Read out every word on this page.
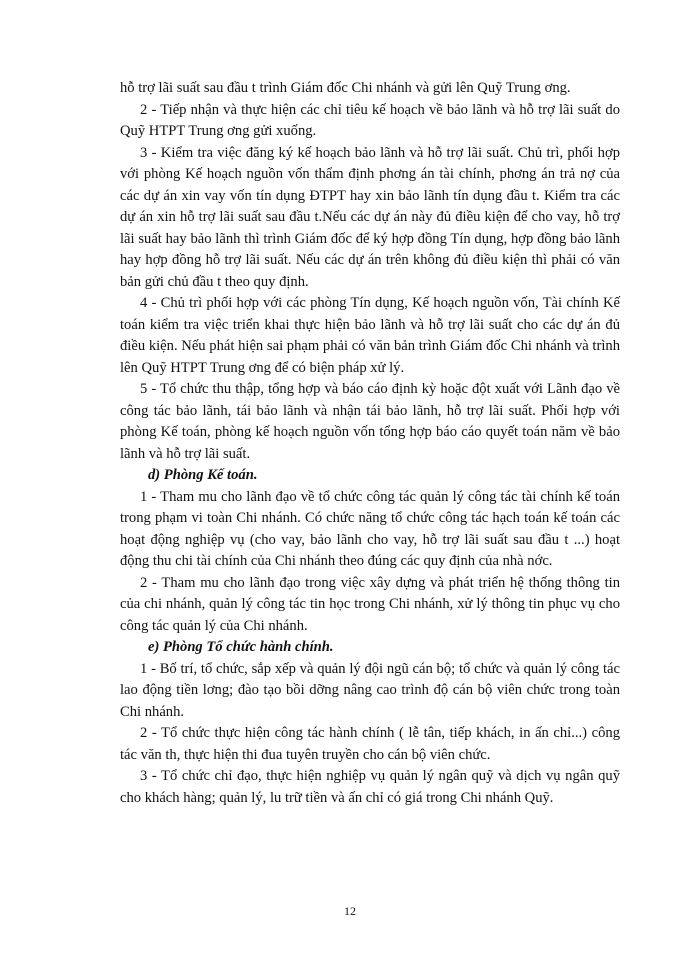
hỗ trợ lãi suất sau đầu t trình Giám đốc Chi nhánh và gửi lên Quỹ Trung ơng.

2 - Tiếp nhận và thực hiện các chỉ tiêu kế hoạch về bảo lãnh và hỗ trợ lãi suất do Quỹ HTPT Trung ơng gửi xuống.

3 - Kiểm tra việc đăng ký kế hoạch bảo lãnh và hỗ trợ lãi suất. Chủ trì, phối hợp với phòng Kế hoạch nguồn vốn thẩm định phơng án tài chính, phơng án trả nợ của các dự án xin vay vốn tín dụng ĐTPT hay xin bảo lãnh tín dụng đầu t. Kiểm tra các dự án xin hỗ trợ lãi suất sau đầu t.Nếu các dự án này đủ điều kiện để cho vay, hỗ trợ lãi suất hay bảo lãnh thì trình Giám đốc để ký hợp đồng Tín dụng, hợp đồng bảo lãnh hay hợp đồng hỗ trợ lãi suất. Nếu các dự án trên không đủ điều kiện thì phải có văn bản gửi chủ đầu t theo quy định.

4 - Chủ trì phối hợp với các phòng Tín dụng, Kế hoạch nguồn vốn, Tài chính Kế toán kiểm tra việc triển khai thực hiện bảo lãnh và hỗ trợ lãi suất cho các dự án đủ điều kiện. Nếu phát hiện sai phạm phải có văn bản trình Giám đốc Chi nhánh và trình lên Quỹ HTPT Trung ơng để có biện pháp xử lý.

5 - Tổ chức thu thập, tổng hợp và báo cáo định kỳ hoặc đột xuất với Lãnh đạo về công tác bảo lãnh, tái bảo lãnh và nhận tái bảo lãnh, hỗ trợ lãi suất. Phối hợp với phòng Kế toán, phòng kế hoạch nguồn vốn tổng hợp báo cáo quyết toán năm về bảo lãnh và hỗ trợ lãi suất.

d) Phòng Kế toán.

1 - Tham mu cho lãnh đạo về tổ chức công tác quản lý công tác tài chính kế toán trong phạm vi toàn Chi nhánh. Có chức năng tổ chức công tác hạch toán kế toán các hoạt động nghiệp vụ (cho vay, bảo lãnh cho vay, hỗ trợ lãi suất sau đầu t ...) hoạt động thu chi tài chính của Chi nhánh theo đúng các quy định của nhà nớc.

2 - Tham mu cho lãnh đạo trong việc xây dựng và phát triển hệ thống thông tin của chi nhánh, quản lý công tác tin học trong Chi nhánh, xử lý thông tin phục vụ cho công tác quản lý của Chi nhánh.

e) Phòng Tổ chức hành chính.

1 - Bố trí, tổ chức, sắp xếp và quản lý đội ngũ cán bộ; tổ chức và quản lý công tác lao động tiền lơng; đào tạo bồi dỡng nâng cao trình độ cán bộ viên chức trong toàn Chi nhánh.

2 - Tổ chức thực hiện công tác hành chính ( lễ tân, tiếp khách, in ấn chỉ...) công tác văn th, thực hiện thi đua tuyên truyền cho cán bộ viên chức.

3 - Tổ chức chỉ đạo, thực hiện nghiệp vụ quản lý ngân quỹ và dịch vụ ngân quỹ cho khách hàng; quản lý, lu trữ tiền và ấn chỉ có giá trong Chi nhánh Quỹ.

12
